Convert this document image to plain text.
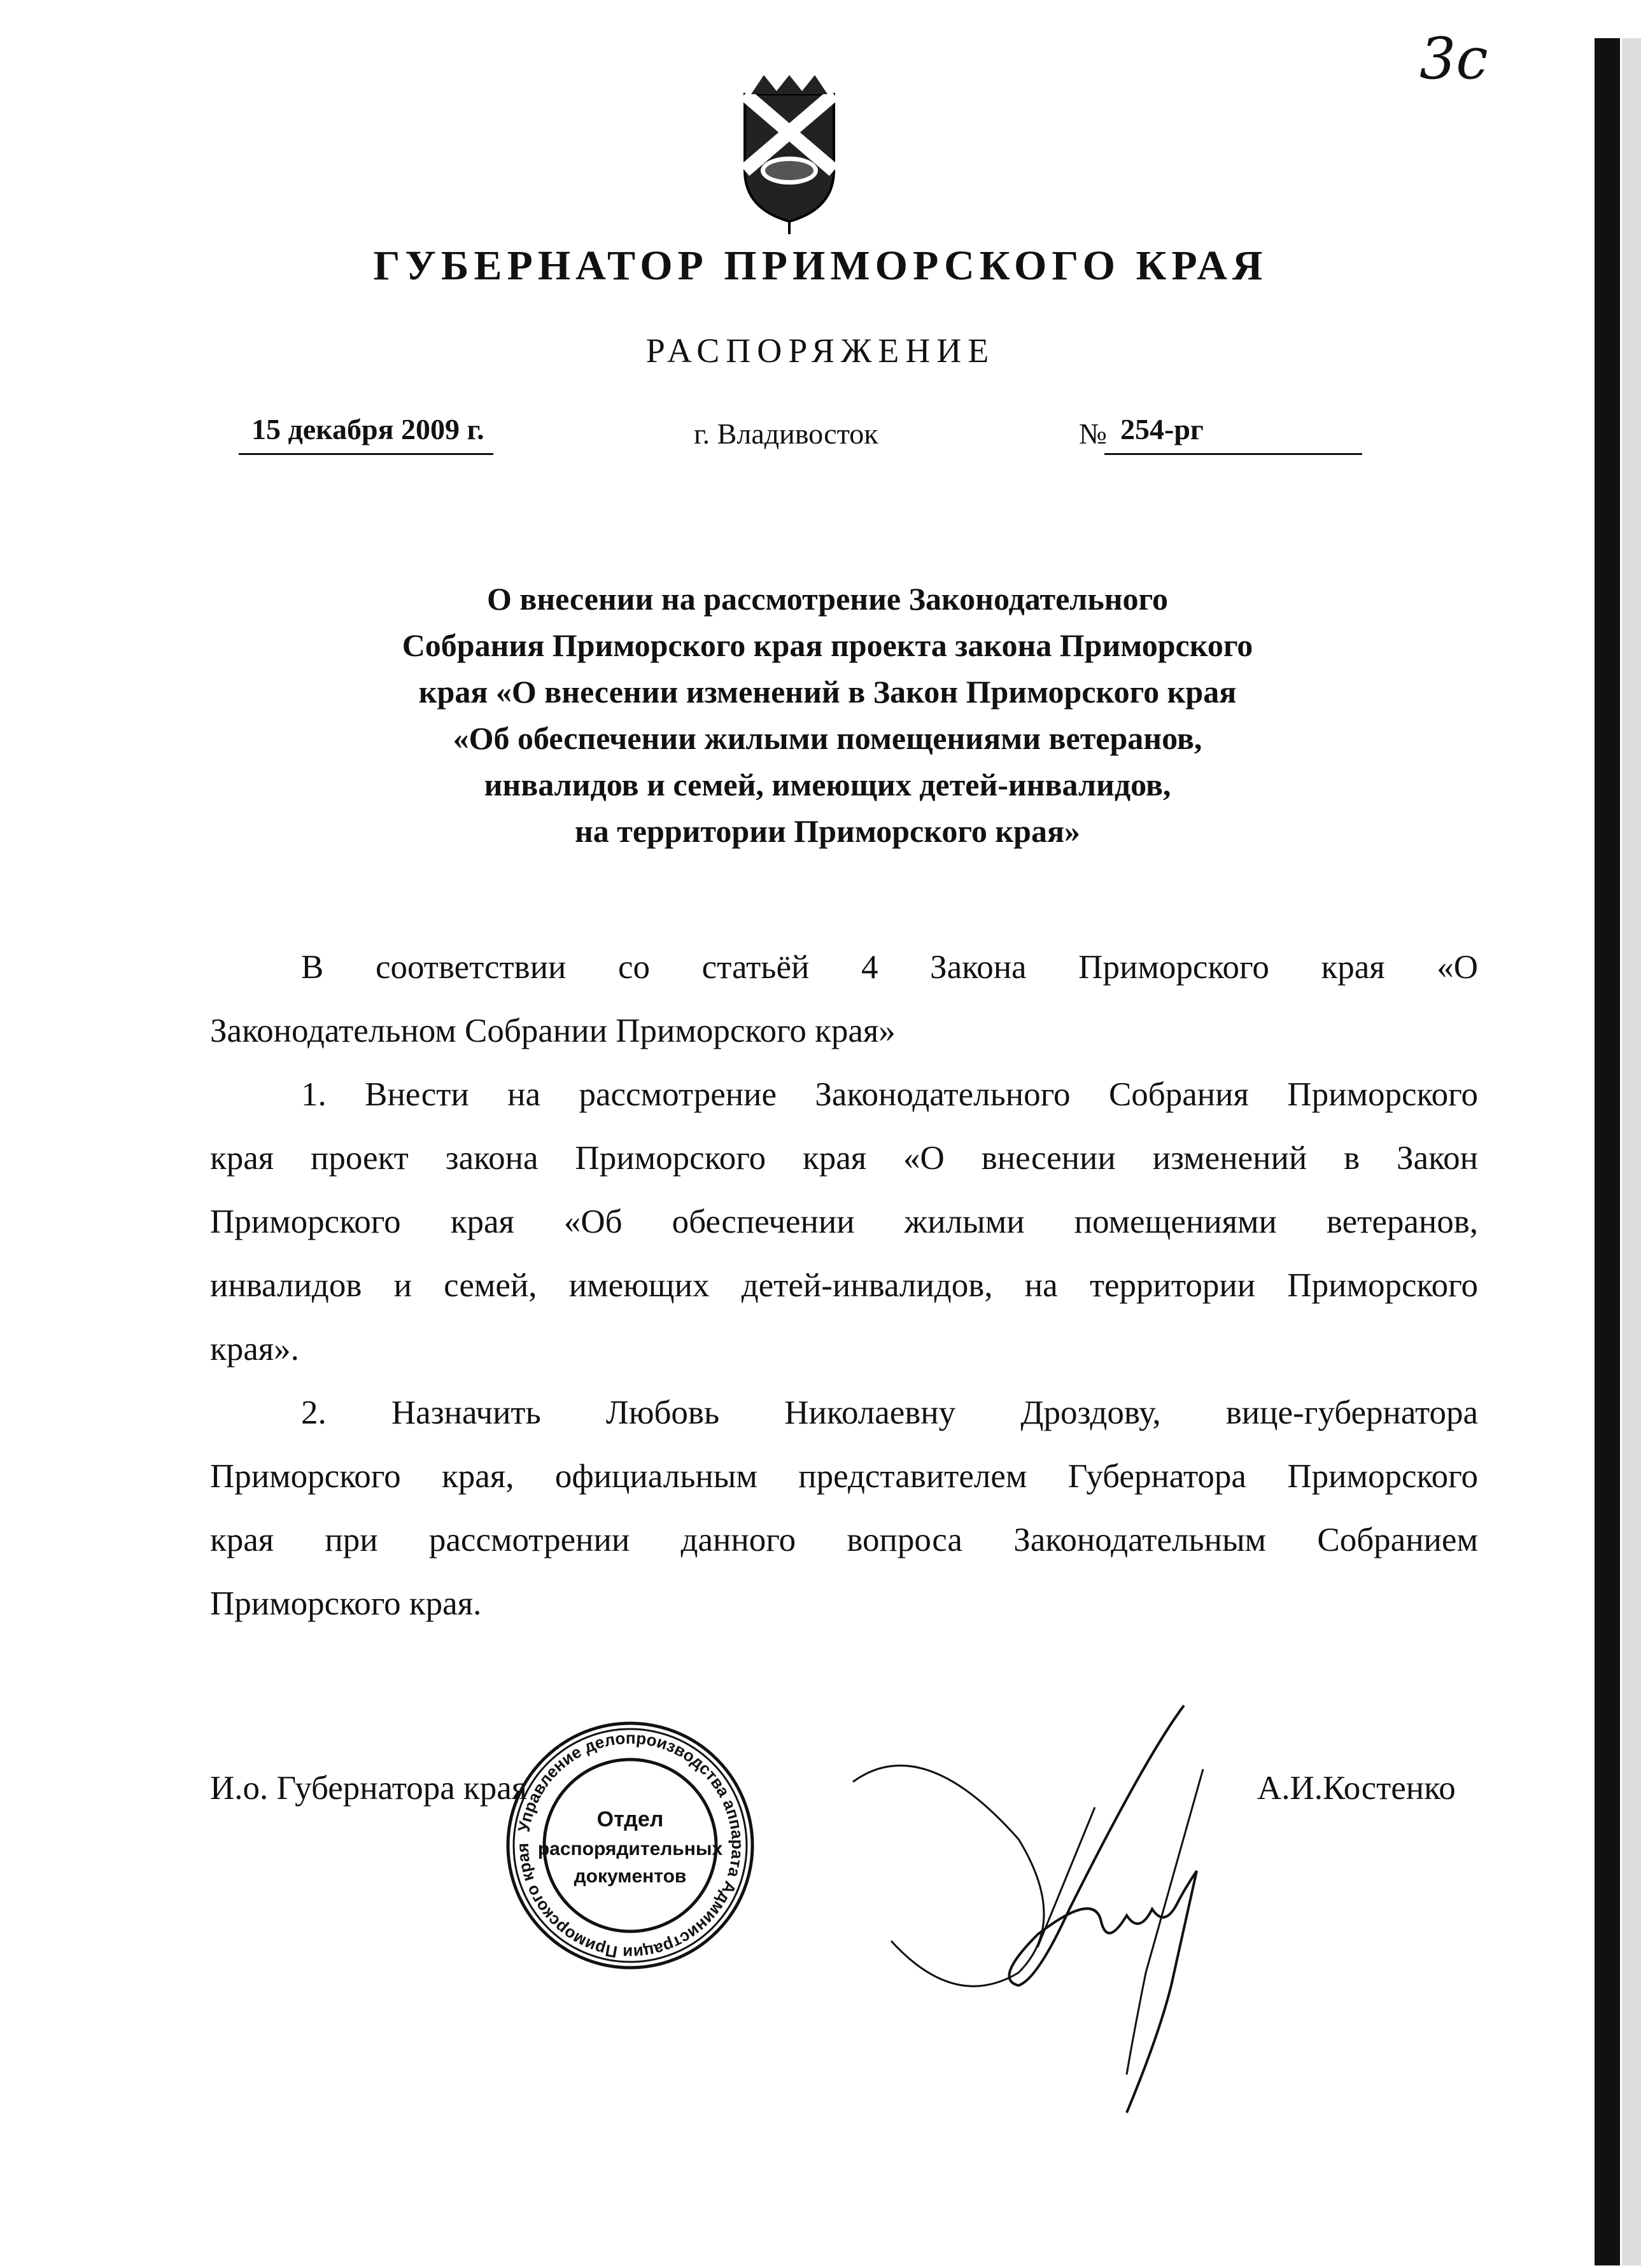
3с
ГУБЕРНАТОР ПРИМОРСКОГО КРАЯ
РАСПОРЯЖЕНИЕ
15 декабря 2009 г.	г. Владивосток	№ 254-рг
О внесении на рассмотрение Законодательного
Собрания Приморского края проекта закона Приморского
края «О внесении изменений в Закон Приморского края
«Об обеспечении жилыми помещениями ветеранов,
инвалидов и семей, имеющих детей-инвалидов,
на территории Приморского края»
В соответствии со статьёй 4 Закона Приморского края «О
Законодательном Собрании Приморского края»
1. Внести на рассмотрение Законодательного Собрания Приморского
края проект закона Приморского края «О внесении изменений в Закон
Приморского края «Об обеспечении жилыми помещениями ветеранов,
инвалидов и семей, имеющих детей-инвалидов, на территории Приморского
края».
2. Назначить Любовь Николаевну Дроздову, вице-губернатора
Приморского края, официальным представителем Губернатора Приморского
края при рассмотрении данного вопроса Законодательным Собранием
Приморского края.
И.о. Губернатора края	А.И.Костенко
Управление делопроизводства аппарата Администрации Приморского края
Отдел
распорядительных
документов
